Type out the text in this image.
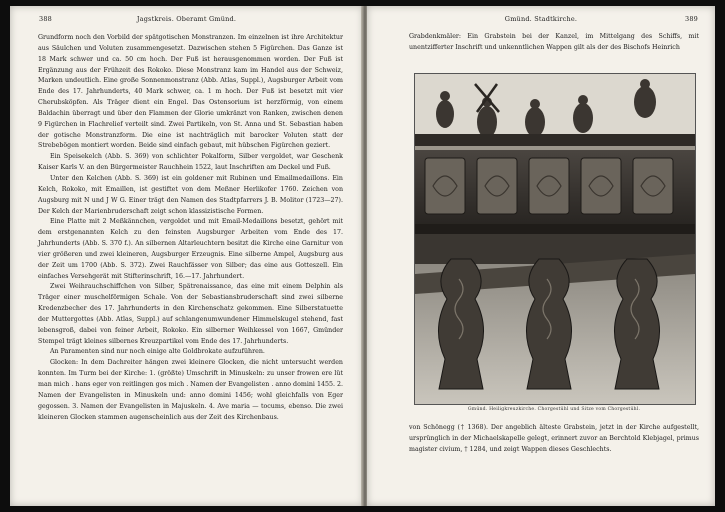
388	Jagstkreis. Oberamt Gmünd.

Grundform noch den Vorbild der spätgotischen Monstranzen. Im einzelnen ist ihre Architektur aus Säulchen und Voluten zusammengesetzt. Dazwischen stehen 5 Figürchen. Das Ganze ist 18 Mark schwer und ca. 50 cm hoch. Der Fuß ist herausgenommen worden. Der Fuß ist Ergänzung aus der Frühzeit des Rokoko. Diese Monstranz kam im Handel aus der Schweiz, Marken undeutlich. Eine große Sonnenmonstranz (Abb. Atlas, Suppl.), Augsburger Arbeit vom Ende des 17. Jahrhunderts, 40 Mark schwer, ca. 1 m hoch. Der Fuß ist besetzt mit vier Cherubsköpfen. Als Träger dient ein Engel. Das Ostensorium ist herzförmig, von einem Baldachin überragt und über den Flammen der Glorie umkränzt von Ranken, zwischen denen 9 Figürchen in Flachrelief verteilt sind. Zwei Partikeln, von St. Anna und St. Sebastian haben der gotische Monstranzform. Die eine ist nachträglich mit barocker Voluten statt der Strebebögen montiert worden. Beide sind einfach gebaut, mit hübschen Figürchen geziert.

Ein Speisekelch (Abb. S. 369) von schlichter Pokalform, Silber vergoldet, war Geschenk Kaiser Karls V. an den Bürgermeister Rauchhein 1522, laut Inschriften am Deckel und Fuß.

Unter den Kelchen (Abb. S. 369) ist ein goldener mit Rubinen und Emailmedaillons. Ein Kelch, Rokoko, mit Emaillen, ist gestiftet von dem Meßner Herlikofer 1760. Zeichen von Augsburg mit N und J W G. Einer trägt den Namen des Stadtpfarrers J. B. Molitor (1723—27). Der Kelch der Marienbruderschaft zeigt schon klassizistische Formen.

Eine Platte mit 2 Meßkännchen, vergoldet und mit Email-Medaillons besetzt, gehört mit dem erstgenannten Kelch zu den feinsten Augsburger Arbeiten vom Ende des 17. Jahrhunderts (Abb. S. 370 f.). An silbernen Altarleuchtern besitzt die Kirche eine Garnitur von vier größeren und zwei kleineren, Augsburger Erzeugnis. Eine silberne Ampel, Augsburg aus der Zeit um 1700 (Abb. S. 372). Zwei Rauchfässer von Silber; das eine aus Gotteszell. Ein einfaches Versehgerät mit Stifterinschrift, 16.—17. Jahrhundert.

Zwei Weihrauchschiffchen von Silber, Spätrenaissance, das eine mit einem Delphin als Träger einer muschelförmigen Schale. Von der Sebastiansbruderschaft sind zwei silberne Kredenzbecher des 17. Jahrhunderts in den Kirchenschatz gekommen. Eine Silberstatuette der Muttergottes (Abb. Atlas, Suppl.) auf schlangenumwundener Himmelskugel stehend, fast lebensgroß, dabei von feiner Arbeit, Rokoko. Ein silberner Weihkessel von 1667, Gmünder Stempel trägt kleines silbernes Kreuzpartikel vom Ende des 17. Jahrhunderts.

An Paramenten sind nur noch einige alte Goldbrokate aufzuführen.

Glocken: In dem Dachreiter hängen zwei kleinere Glocken, die nicht untersucht werden konnten. Im Turm bei der Kirche: 1. (größte) Umschrift in Minuskeln: zu unser frowen ere lüt man mich . hans eger von reitlingen gos mich . Namen der Evangelisten . anno domini 1455. 2. Namen der Evangelisten in Minuskeln und: anno domini 1456; wohl gleichfalls von Eger gegossen. 3. Namen der Evangelisten in Majuskeln. 4. Ave maria — tocums, ebenso. Die zwei kleineren Glocken stammen augenscheinlich aus der Zeit des Kirchenbaus.

Gmünd. Stadtkirche.	389

Grabdenkmäler: Ein Grabstein bei der Kanzel, im Mittelgang des Schiffs, mit unentzifferter Inschrift und unkenntlichen Wappen gilt als der des Bischofs Heinrich

Gmünd. Heiligkreuzkirche. Chorgestühl und Sitze vom Chorgestühl.

von Schönegg († 1368). Der angeblich älteste Grabstein, jetzt in der Kirche aufgestellt, ursprünglich in der Michaelskapelle gelegt, erinnert zuvor an Berchtold Klebjagel, primus magister civium, † 1284, und zeigt Wappen dieses Geschlechts.
